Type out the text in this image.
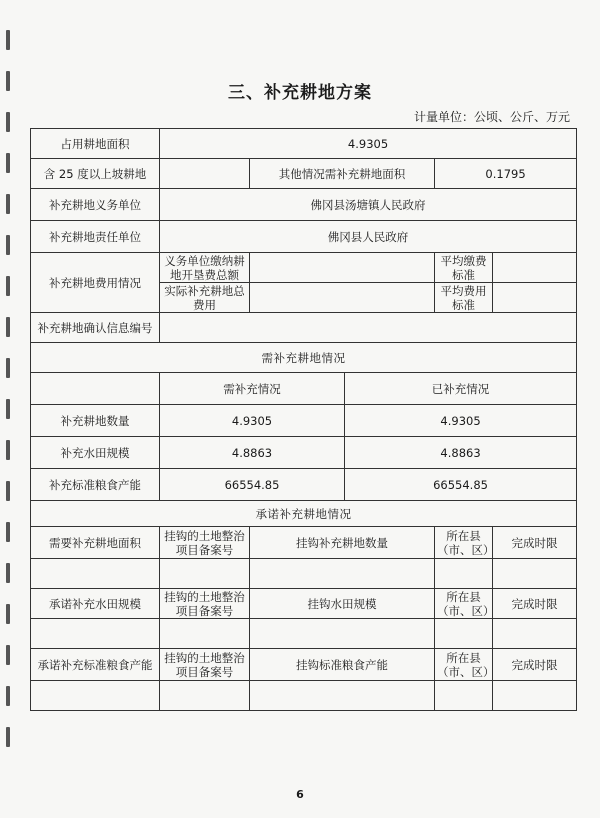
三、补充耕地方案
计量单位：公顷、公斤、万元
占用耕地面积	4.9305				
含 25 度以上坡耕地		其他情况需补充耕地面积		0.1795	
补充耕地义务单位	佛冈县汤塘镇人民政府				
补充耕地责任单位	佛冈县人民政府				
补充耕地费用情况	义务单位缴纳耕地开垦费总额			平均缴费标准	
	实际补充耕地总费用			平均费用标准	
补充耕地确认信息编号					
需补充耕地情况					
	需补充情况		已补充情况		
补充耕地数量	4.9305		4.9305		
补充水田规模	4.8863		4.8863		
补充标准粮食产能	66554.85		66554.85		
承诺补充耕地情况					
需要补充耕地面积	挂钩的土地整治项目备案号	挂钩补充耕地数量		所在县（市、区）	完成时限

承诺补充水田规模	挂钩的土地整治项目备案号	挂钩水田规模		所在县（市、区）	完成时限

承诺补充标准粮食产能	挂钩的土地整治项目备案号	挂钩标准粮食产能		所在县（市、区）	完成时限

6
